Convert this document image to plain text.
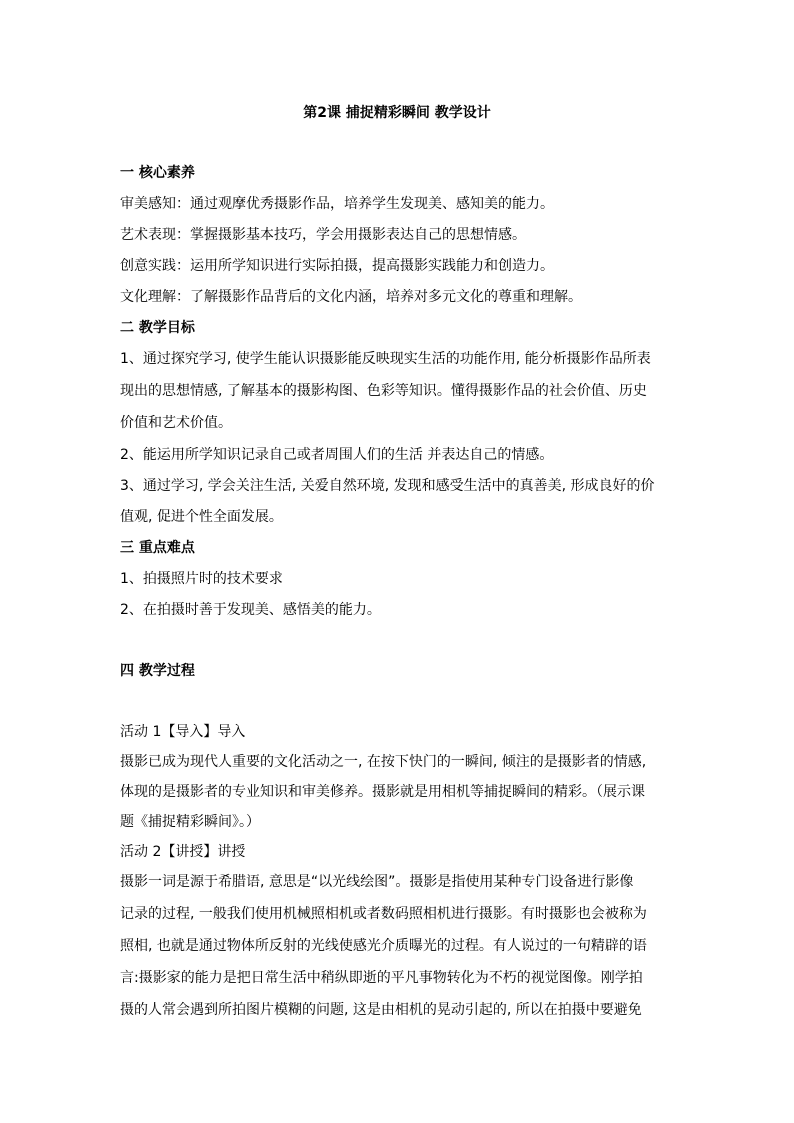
第2课 捕捉精彩瞬间 教学设计
一 核心素养
审美感知：通过观摩优秀摄影作品，培养学生发现美、感知美的能力。
艺术表现：掌握摄影基本技巧，学会用摄影表达自己的思想情感。
创意实践：运用所学知识进行实际拍摄，提高摄影实践能力和创造力。
文化理解：了解摄影作品背后的文化内涵，培养对多元文化的尊重和理解。
二 教学目标
1、通过探究学习, 使学生能认识摄影能反映现实生活的功能作用, 能分析摄影作品所表
现出的思想情感, 了解基本的摄影构图、色彩等知识。懂得摄影作品的社会价值、历史
价值和艺术价值。
2、能运用所学知识记录自己或者周围人们的生活 并表达自己的情感。
3、通过学习, 学会关注生活, 关爱自然环境, 发现和感受生活中的真善美, 形成良好的价
值观, 促进个性全面发展。
三 重点难点
1、拍摄照片时的技术要求
2、在拍摄时善于发现美、感悟美的能力。
四 教学过程
活动 1【导入】导入
摄影已成为现代人重要的文化活动之一, 在按下快门的一瞬间, 倾注的是摄影者的情感,
体现的是摄影者的专业知识和审美修养。摄影就是用相机等捕捉瞬间的精彩。（展示课
题《捕捉精彩瞬间》。）
活动 2【讲授】讲授
摄影一词是源于希腊语, 意思是“以光线绘图”。摄影是指使用某种专门设备进行影像
记录的过程, 一般我们使用机械照相机或者数码照相机进行摄影。有时摄影也会被称为
照相, 也就是通过物体所反射的光线使感光介质曝光的过程。有人说过的一句精辟的语
言:摄影家的能力是把日常生活中稍纵即逝的平凡事物转化为不朽的视觉图像。刚学拍
摄的人常会遇到所拍图片模糊的问题, 这是由相机的晃动引起的, 所以在拍摄中要避免
